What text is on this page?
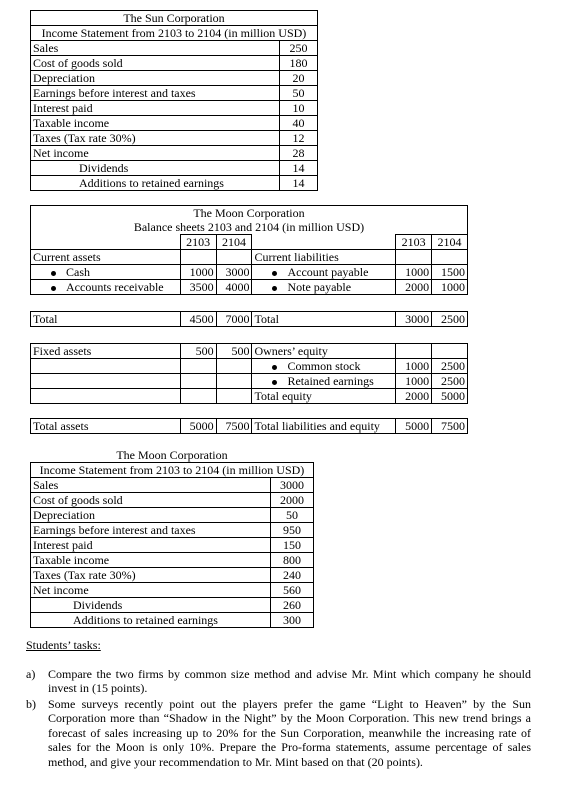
The Sun Corporation	
Income Statement from 2103 to 2104 (in million USD)	
Sales	250
Cost of goods sold	180
Depreciation	20
Earnings before interest and taxes	50
Interest paid	10
Taxable income	40
Taxes (Tax rate 30%)	12
Net income	28
Dividends	14
Additions to retained earnings	14
The Moon Corporation					
Balance sheets 2103 and 2104 (in million USD)					
	2103	2104		2103	2104
Current assets			Current liabilities		
Cash	1000	3000	Account payable	1000	1500
Accounts receivable	3500	4000	Note payable	2000	1000

Total	4500	7000	Total	3000	2500

Fixed assets	500	500	Owners’ equity		
			Common stock	1000	2500
			Retained earnings	1000	2500
			Total equity	2000	5000

Total assets	5000	7500	Total liabilities and equity	5000	7500
The Moon Corporation	
Income Statement from 2103 to 2104 (in million USD)	
Sales	3000
Cost of goods sold	2000
Depreciation	50
Earnings before interest and taxes	950
Interest paid	150
Taxable income	800
Taxes (Tax rate 30%)	240
Net income	560
Dividends	260
Additions to retained earnings	300
Students’ tasks:
a)	Compare the two firms by common size method and advise Mr. Mint which company he should invest in (15 points).
b)	Some surveys recently point out the players prefer the game “Light to Heaven” by the Sun Corporation more than “Shadow in the Night” by the Moon Corporation. This new trend brings a forecast of sales increasing up to 20% for the Sun Corporation, meanwhile the increasing rate of sales for the Moon is only 10%. Prepare the Pro-forma statements, assume percentage of sales method, and give your recommendation to Mr. Mint based on that (20 points).
